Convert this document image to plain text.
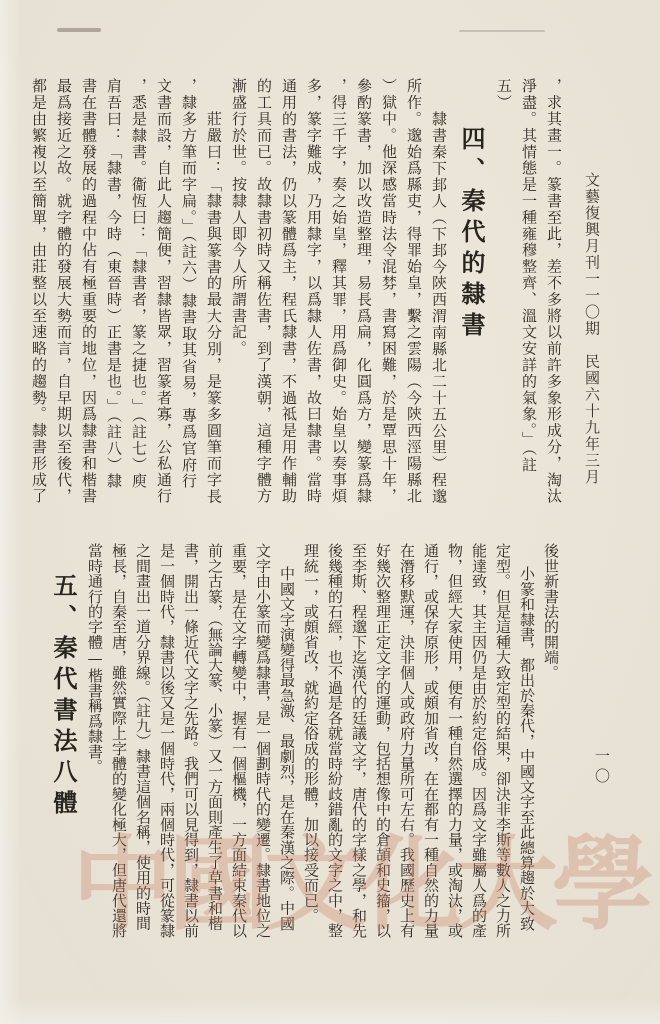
文藝復興月刊一一〇期　民國六十九年三月
一〇
，求其畫一。篆書至此，差不多將以前許多象形成分，淘汰
淨盡。其情態是一種雍穆整齊、溫文安詳的氣象。」（註
五）
四、秦代的隸書
隸書秦下邽人（下邽今陝西渭南縣北二十五公里）程邈
所作。邈始爲縣吏，得罪始皇，繫之雲陽（今陝西涇陽縣北
）獄中。他深感當時法令混棼，書寫困難，於是覃思十年，
參酌篆書，加以改造整理，易長爲扁，化圓爲方，變篆爲隸
，得三千字，奏之始皇，釋其罪，用爲御史。始皇以奏事煩
多，篆字難成，乃用隸字，以爲隸人佐書，故曰隸書。當時
通用的書法，仍以篆體爲主，程氏隸書，不過祗是用作輔助
的工具而已。故隸書初時又稱佐書，到了漢朝，這種字體方
漸盛行於世。按隸人即今人所謂書記。
莊嚴曰：「隸書與篆書的最大分別，是篆多圓筆而字長
，隸多方筆而字扁。」（註六）隸書取其省易，專爲官府行
文書而設，自此人趨簡便，習隸皆眾，習篆者寡，公私通行
，悉是隸書。衞恆曰：「隸書者，篆之捷也。」（註七）庾
肩吾曰：「隸書，今時（東晉時）正書是也。」（註八）隸
書在書體發展的過程中佔有極重要的地位，因爲隸書和楷書
最爲接近之故。就字體的發展大勢而言，自早期以至後代，
都是由繁複以至簡單，由莊整以至速略的趨勢。隸書形成了
後世新書法的開端。
小篆和隸書，都出於秦代，中國文字至此總算趨於大致
定型。但是這種大致定型的結果，卻決非李斯等數人之力所
能達致，其主因仍是由於約定俗成。因爲文字雖屬人爲的產
物，但經大家使用，便有一種自然選擇的力量，或淘汰，或
通行，或保存原形，或頗加省改，在在都有一種自然的力量
在潛移默運，決非個人或政府力量所可左右。我國歷史上有
好幾次整理正定文字的運動，包括想像中的倉頡和史籀，以
至李斯、程邈下迄漢代的廷議文字，唐代的字樣之學，和先
後幾種的石經，也不過是各就當時紛歧錯亂的文字之中，整
理統一，或頗省改，就約定俗成的形體，加以接受而已。
中國文字演變得最急激、最劇烈，是在秦漢之際。中國
文字由小篆而變爲隸書，是一個劃時代的變遷。隸書地位之
重要，是在文字轉變中，握有一個樞機，一方面結束秦代以
前之古篆，（無論大篆、小篆）又一方面則產生了草書和楷
書，開出一條近代文字之先路。我們可以見得到，隸書以前
是一個時代，隸書以後又是一個時代，兩個時代，可從篆隸
之間畫出一道分界線。（註九）隸書這個名稱，使用的時間
極長，自秦至唐，雖然實際上字體的變化極大，但唐代還將
當時通行的字體—楷書稱爲隸書。
五、秦代書法八體
中國文化大學
